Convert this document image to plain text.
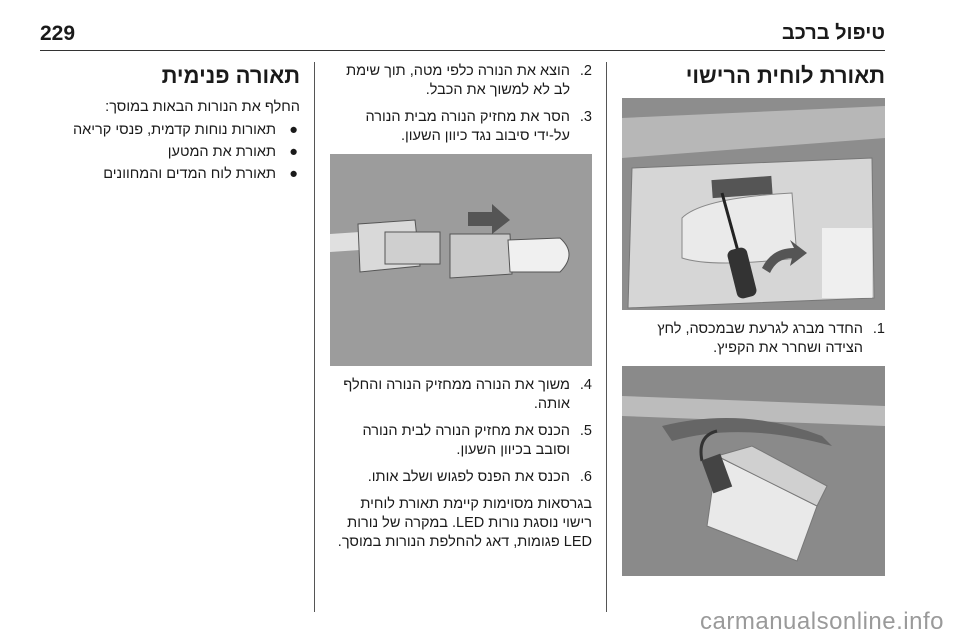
229	טיפול ברכב
תאורת לוחית הרישוי
1.
החדר מברג לגרעת שבמכסה, לחץ הצידה ושחרר את הקפיץ.
2.
הוצא את הנורה כלפי מטה, תוך שימת לב לא למשוך את הכבל.
3.
הסר את מחזיק הנורה מבית הנורה על-ידי סיבוב נגד כיוון השעון.
4.
משוך את הנורה ממחזיק הנורה והחלף אותה.
5.
הכנס את מחזיק הנורה לבית הנורה וסובב בכיוון השעון.
6.
הכנס את הפנס לפגוש ושלב אותו.

בגרסאות מסוימות קיימת תאורת לוחית רישוי נוסגת נורות LED. במקרה של נורות LED פגומות, דאג להחלפת הנורות במוסך.

תאורה פנימית

החלף את הנורות הבאות במוסך:

●
תאורות נוחות קדמית, פנסי קריאה
●
תאורת את המטען
●
תאורת לוח המדים והמחוונים
carmanualsonline.info
